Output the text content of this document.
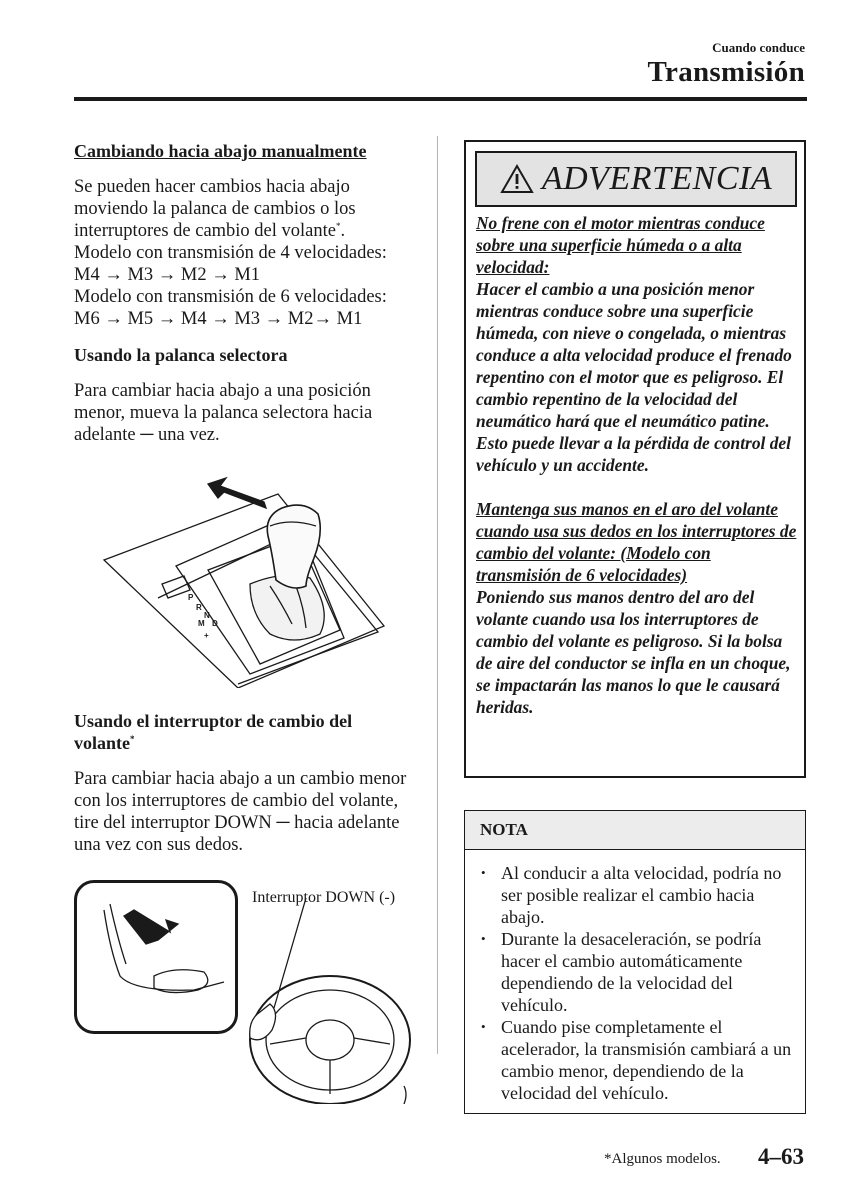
Cuando conduce
Transmisión
Cambiando hacia abajo manualmente
Se pueden hacer cambios hacia abajo moviendo la palanca de cambios o los interruptores de cambio del volante*.
Modelo con transmisión de 4 velocidades:
M4 → M3 → M2 → M1
Modelo con transmisión de 6 velocidades:
M6 → M5 → M4 → M3 → M2→ M1
Usando la palanca selectora
Para cambiar hacia abajo a una posición menor, mueva la palanca selectora hacia adelante ─ una vez.
Usando el interruptor de cambio del volante*
Para cambiar hacia abajo a un cambio menor con los interruptores de cambio del volante, tire del interruptor DOWN ─ hacia adelante una vez con sus dedos.
P
R
N
D
M
+
Interruptor DOWN (-)
ADVERTENCIA

No frene con el motor mientras conduce sobre una superficie húmeda o a alta velocidad:
Hacer el cambio a una posición menor mientras conduce sobre una superficie húmeda, con nieve o congelada, o mientras conduce a alta velocidad produce el frenado repentino con el motor que es peligroso. El cambio repentino de la velocidad del neumático hará que el neumático patine. Esto puede llevar a la pérdida de control del vehículo y un accidente.

Mantenga sus manos en el aro del volante cuando usa sus dedos en los interruptores de cambio del volante: (Modelo con transmisión de 6 velocidades)
Poniendo sus manos dentro del aro del volante cuando usa los interruptores de cambio del volante es peligroso. Si la bolsa de aire del conductor se infla en un choque, se impactarán las manos lo que le causará heridas.

NOTA
• Al conducir a alta velocidad, podría no ser posible realizar el cambio hacia abajo.
• Durante la desaceleración, se podría hacer el cambio automáticamente dependiendo de la velocidad del vehículo.
• Cuando pise completamente el acelerador, la transmisión cambiará a un cambio menor, dependiendo de la velocidad del vehículo.
*Algunos modelos. 4–63
